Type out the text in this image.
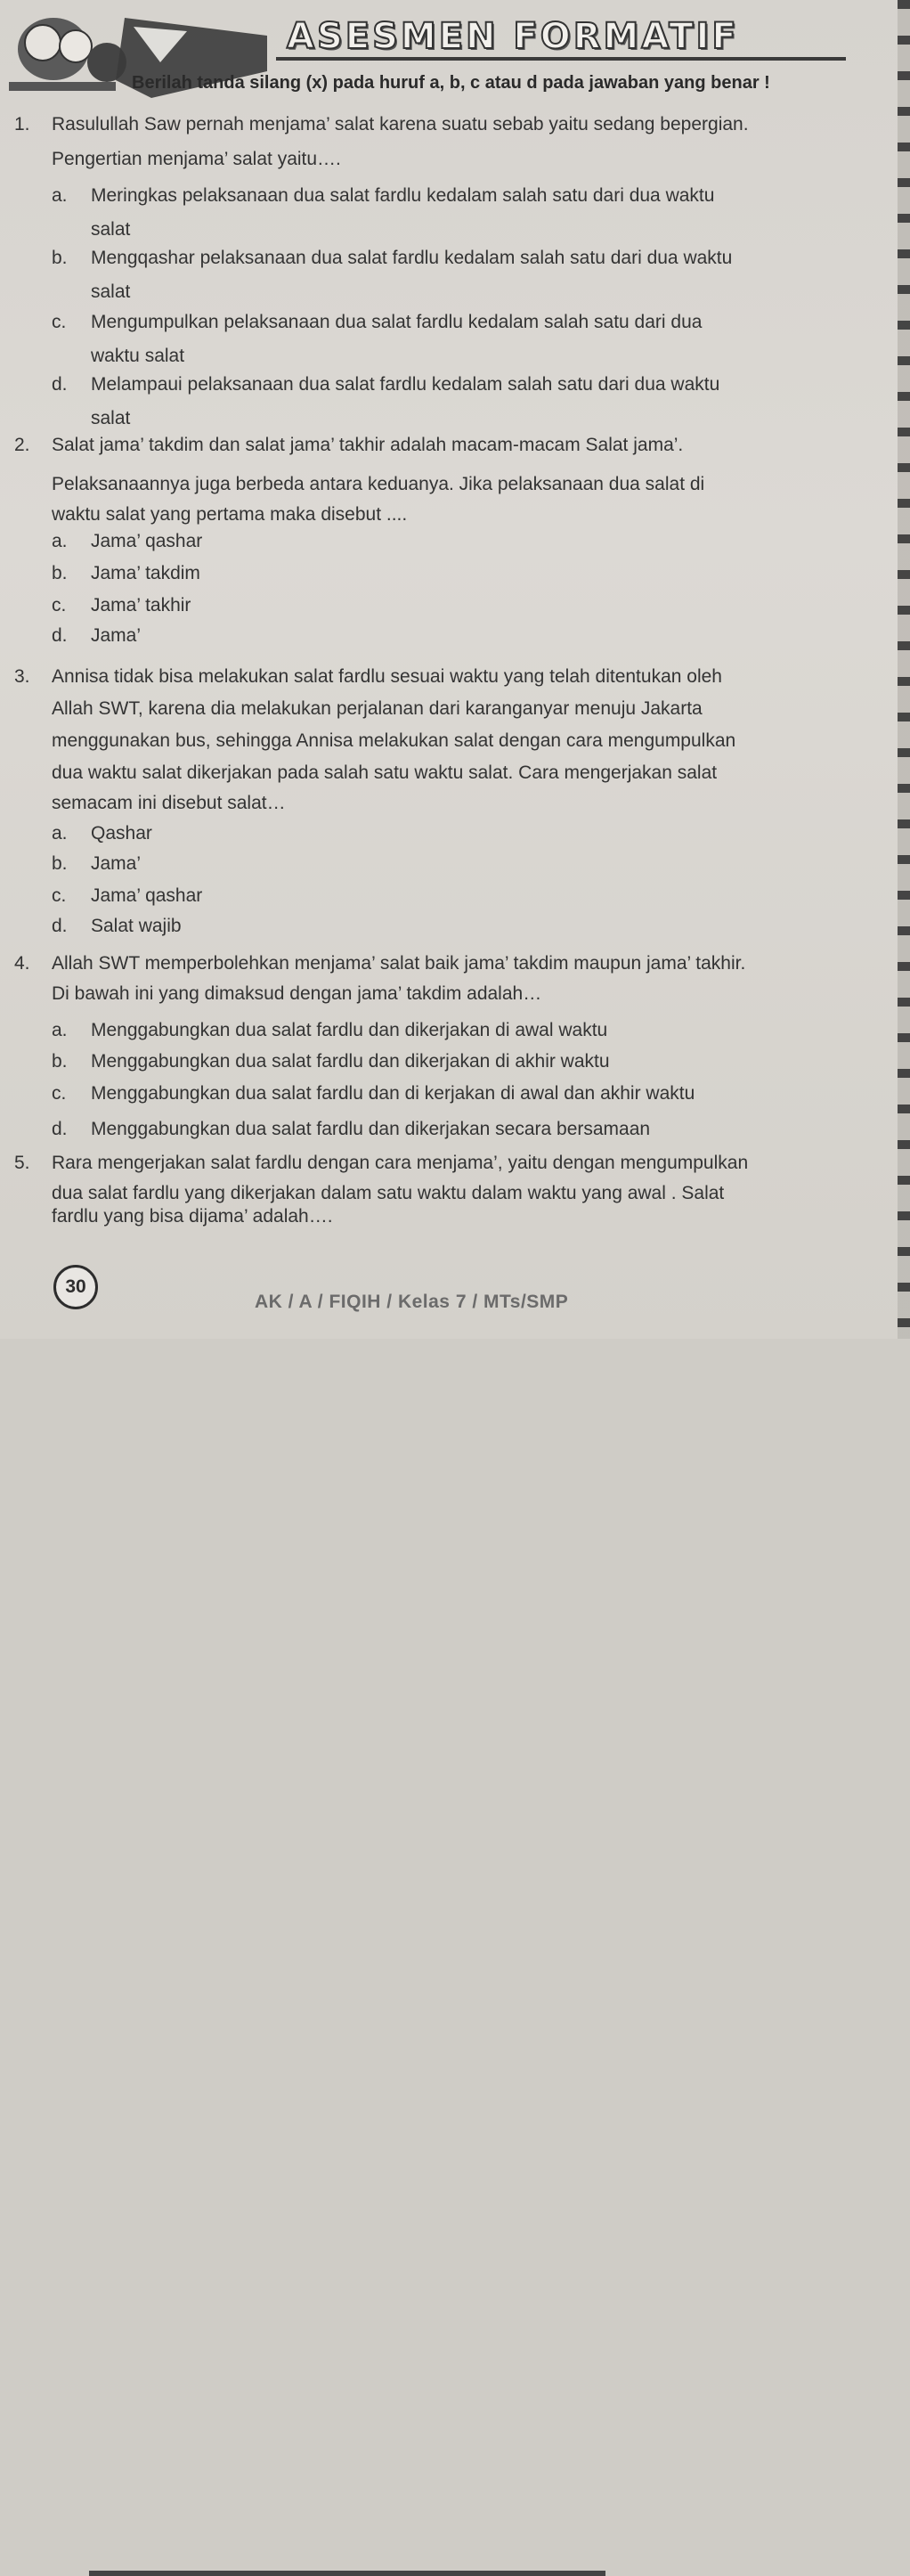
ASESMEN FORMATIF
Berilah tanda silang (x) pada huruf a, b, c atau d pada jawaban yang benar !
1. Rasulullah Saw pernah menjama’ salat karena suatu sebab yaitu sedang bepergian.
Pengertian menjama’ salat yaitu….
a. Meringkas pelaksanaan dua salat fardlu kedalam salah satu dari dua waktu
salat
b. Mengqashar pelaksanaan dua salat fardlu kedalam salah satu dari dua waktu
salat
c. Mengumpulkan pelaksanaan dua salat fardlu kedalam salah satu dari dua
waktu salat
d. Melampaui pelaksanaan dua salat fardlu kedalam salah satu dari dua waktu
salat
2. Salat jama’ takdim dan salat jama’ takhir adalah macam-macam Salat jama’.
Pelaksanaannya juga berbeda antara keduanya. Jika pelaksanaan dua salat di
waktu salat yang pertama maka disebut ....
a. Jama’ qashar
b. Jama’ takdim
c. Jama’ takhir
d. Jama’
3. Annisa tidak bisa melakukan salat fardlu sesuai waktu yang telah ditentukan oleh
Allah SWT, karena dia melakukan perjalanan dari karanganyar menuju Jakarta
menggunakan bus, sehingga Annisa melakukan salat dengan cara mengumpulkan
dua waktu salat dikerjakan pada salah satu waktu salat. Cara mengerjakan salat
semacam ini disebut salat…
a. Qashar
b. Jama’
c. Jama’ qashar
d. Salat wajib
4. Allah SWT memperbolehkan menjama’ salat baik jama’ takdim maupun jama’ takhir.
Di bawah ini yang dimaksud dengan jama’ takdim adalah…
a. Menggabungkan dua salat fardlu dan dikerjakan di awal waktu
b. Menggabungkan dua salat fardlu dan dikerjakan di akhir waktu
c. Menggabungkan dua salat fardlu dan di kerjakan di awal dan akhir waktu
d. Menggabungkan dua salat fardlu dan dikerjakan secara bersamaan
5. Rara mengerjakan salat fardlu dengan cara menjama’, yaitu dengan mengumpulkan
dua salat fardlu yang dikerjakan dalam satu waktu dalam waktu yang awal . Salat
fardlu yang bisa dijama’ adalah….
30
AK / A / FIQIH / Kelas 7 / MTs/SMP
